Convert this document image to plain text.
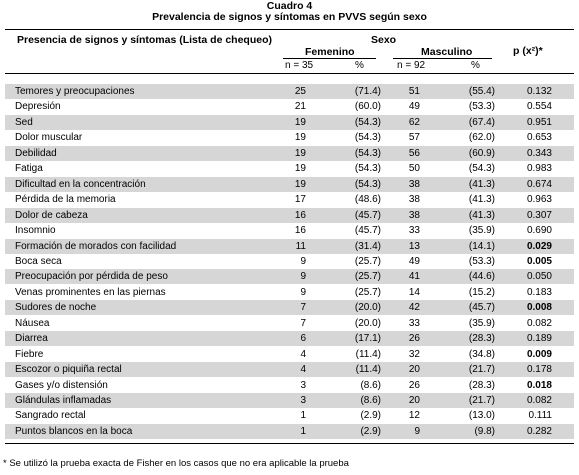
Cuadro 4
Prevalencia de signos y síntomas en PVVS según sexo
Presencia de signos y síntomas (Lista de chequeo)	Sexo
p (x²)*
Femenino	Masculino
n = 35	%	n = 92	%
Temores y preocupaciones	25	(71.4)	51	(55.4)	0.132
Depresión	21	(60.0)	49	(53.3)	0.554
Sed	19	(54.3)	62	(67.4)	0.951
Dolor muscular	19	(54.3)	57	(62.0)	0.653
Debilidad	19	(54.3)	56	(60.9)	0.343
Fatiga	19	(54.3)	50	(54.3)	0.983
Dificultad en la concentración	19	(54.3)	38	(41.3)	0.674
Pérdida de la memoria	17	(48.6)	38	(41.3)	0.963
Dolor de cabeza	16	(45.7)	38	(41.3)	0.307
Insomnio	16	(45.7)	33	(35.9)	0.690
Formación de morados con facilidad	11	(31.4)	13	(14.1)	0.029
Boca seca	9	(25.7)	49	(53.3)	0.005
Preocupación por pérdida de peso	9	(25.7)	41	(44.6)	0.050
Venas prominentes en las piernas	9	(25.7)	14	(15.2)	0.183
Sudores de noche	7	(20.0)	42	(45.7)	0.008
Náusea	7	(20.0)	33	(35.9)	0.082
Diarrea	6	(17.1)	26	(28.3)	0.189
Fiebre	4	(11.4)	32	(34.8)	0.009
Escozor o piquiña rectal	4	(11.4)	20	(21.7)	0.178
Gases y/o distensión	3	(8.6)	26	(28.3)	0.018
Glándulas inflamadas	3	(8.6)	20	(21.7)	0.082
Sangrado rectal	1	(2.9)	12	(13.0)	0.111
Puntos blancos en la boca	1	(2.9)	9	(9.8)	0.282
* Se utilizó la prueba exacta de Fisher en los casos que no era aplicable la prueba
